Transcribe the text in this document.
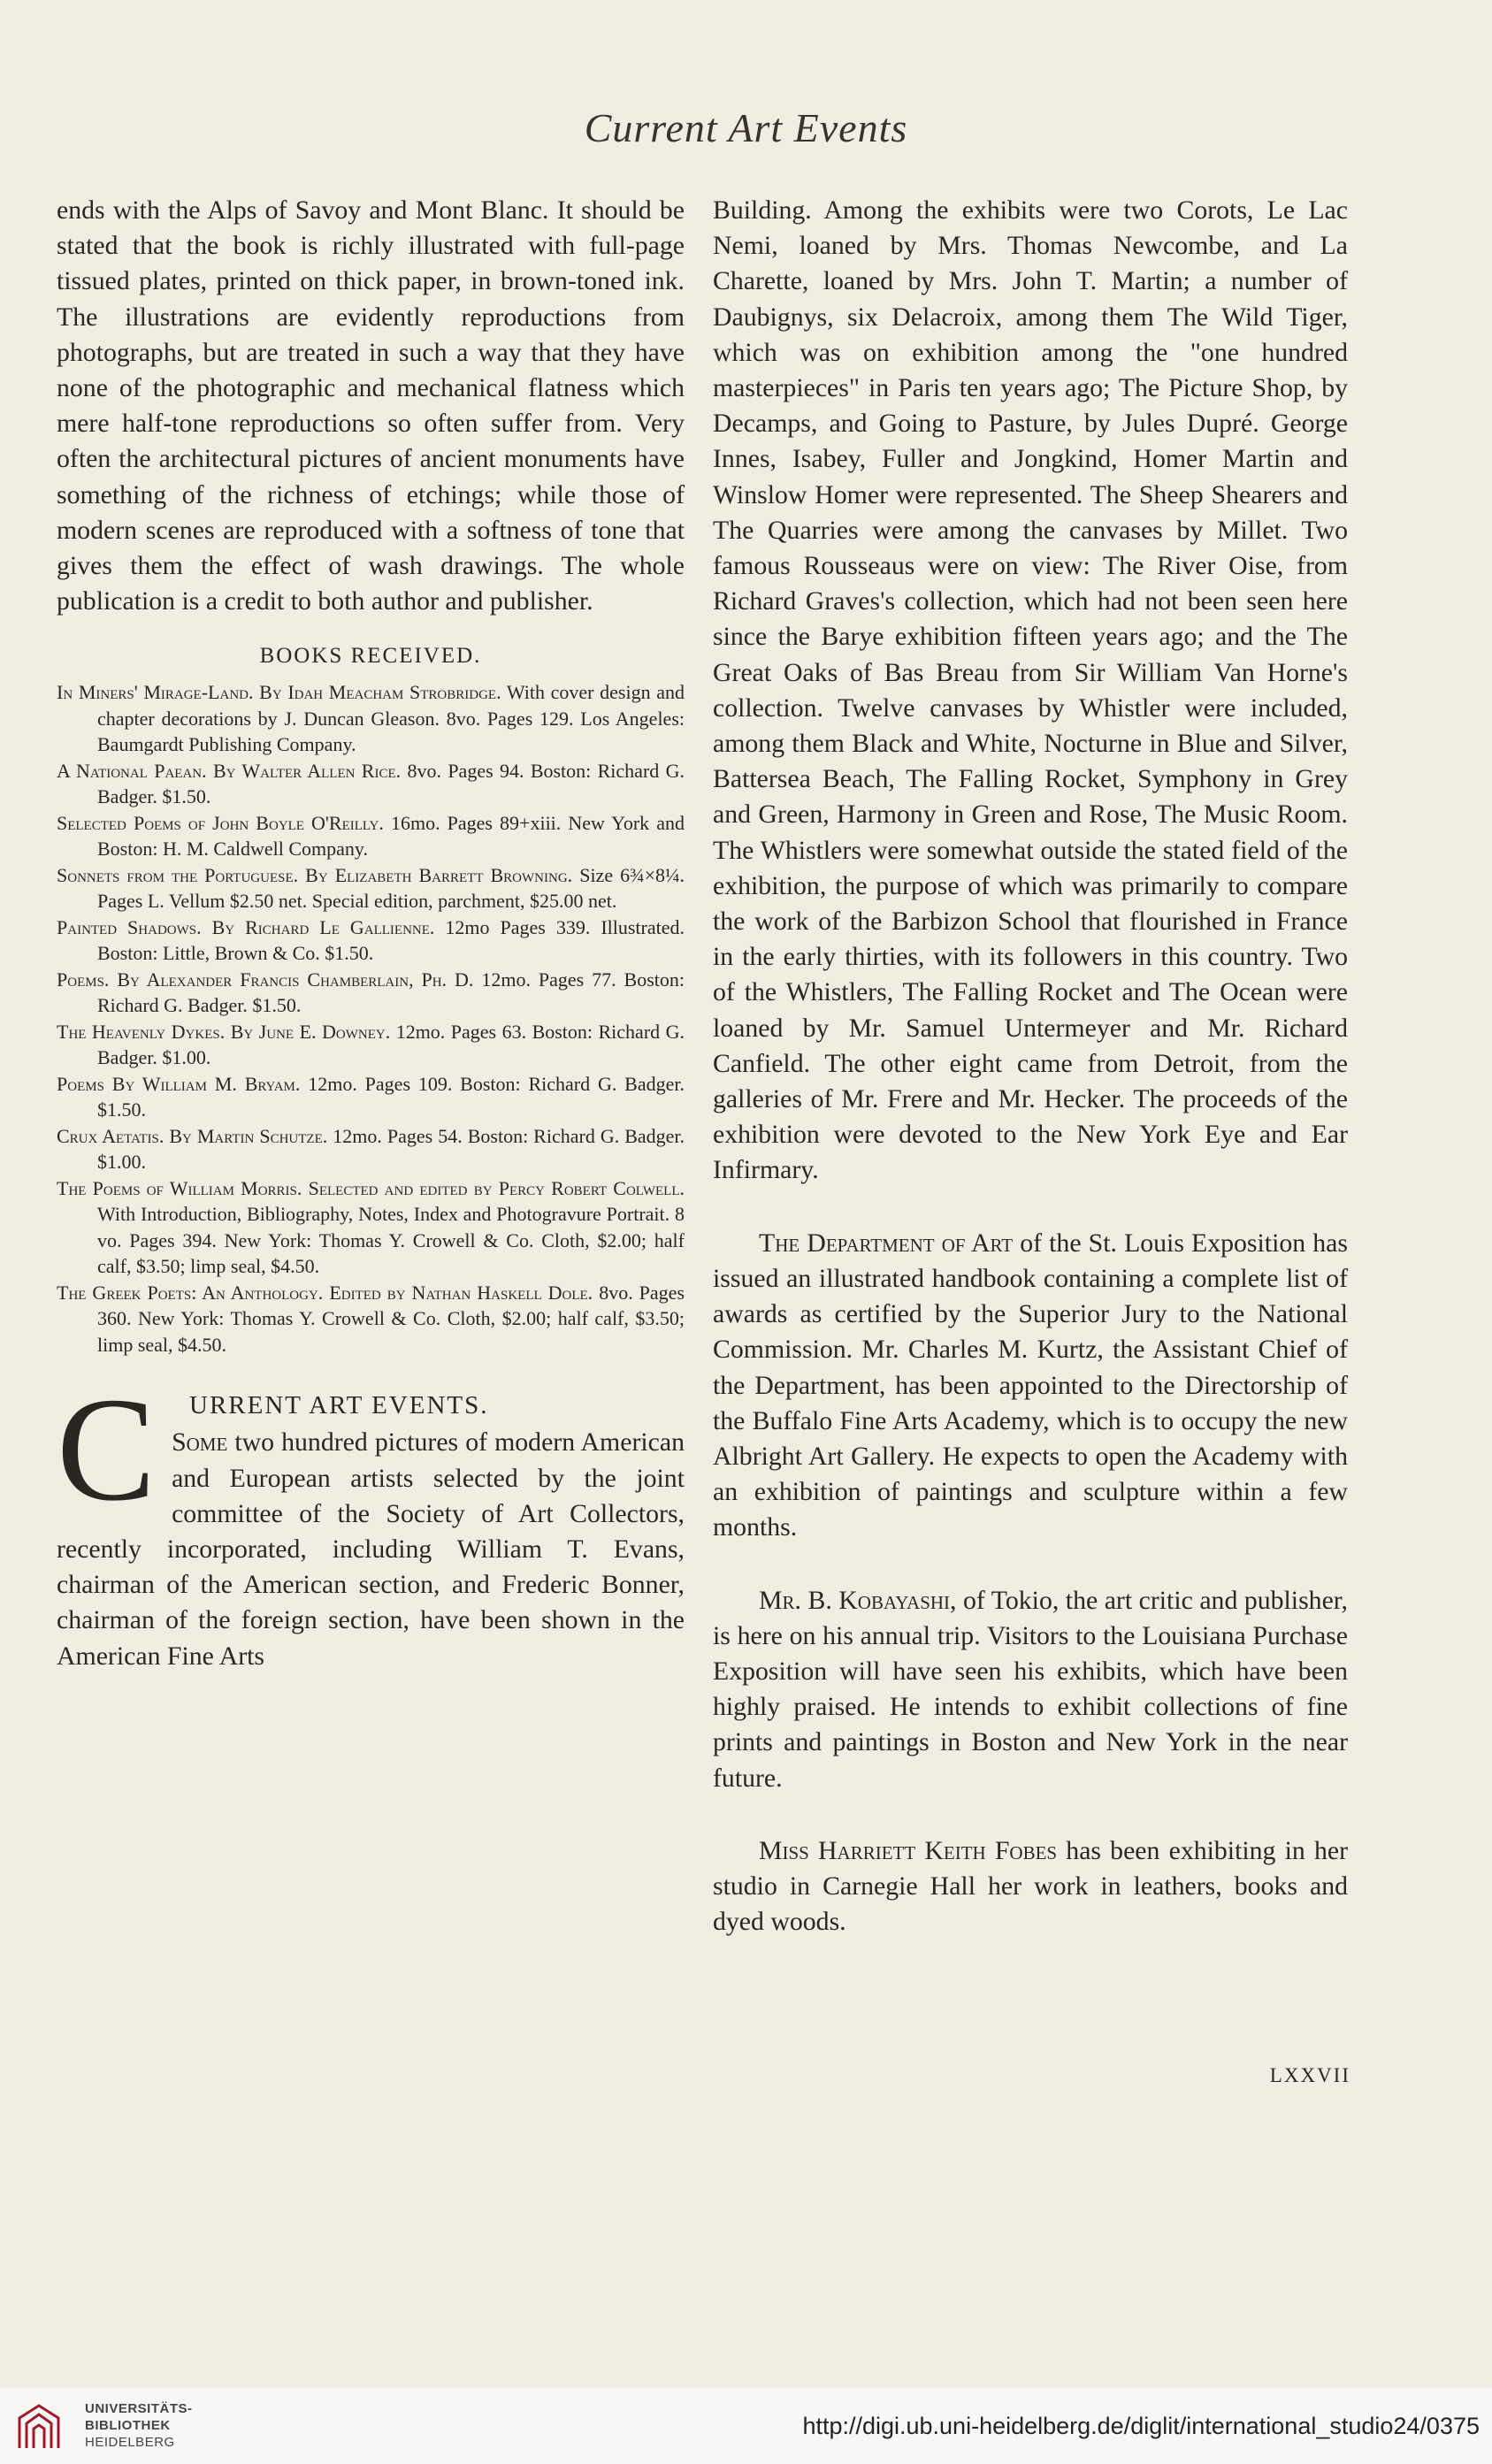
Current Art Events

ends with the Alps of Savoy and Mont Blanc. It should be stated that the book is richly illustrated with full-page tissued plates, printed on thick paper, in brown-toned ink. The illustrations are evidently reproductions from photographs, but are treated in such a way that they have none of the photographic and mechanical flatness which mere half-tone reproductions so often suffer from. Very often the architectural pictures of ancient monuments have something of the richness of etchings; while those of modern scenes are reproduced with a softness of tone that gives them the effect of wash drawings. The whole publication is a credit to both author and publisher.

BOOKS RECEIVED.

In Miners' Mirage-Land. By Idah Meacham Strobridge. With cover design and chapter decorations by J. Duncan Gleason. 8vo. Pages 129. Los Angeles: Baumgardt Publishing Company.

A National Paean. By Walter Allen Rice. 8vo. Pages 94. Boston: Richard G. Badger. $1.50.

Selected Poems of John Boyle O'Reilly. 16mo. Pages 89+xiii. New York and Boston: H. M. Caldwell Company.

Sonnets from the Portuguese. By Elizabeth Barrett Browning. Size 6¾×8¼. Pages L. Vellum $2.50 net. Special edition, parchment, $25.00 net.

Painted Shadows. By Richard Le Gallienne. 12mo Pages 339. Illustrated. Boston: Little, Brown & Co. $1.50.

Poems. By Alexander Francis Chamberlain, Ph. D. 12mo. Pages 77. Boston: Richard G. Badger. $1.50.

The Heavenly Dykes. By June E. Downey. 12mo. Pages 63. Boston: Richard G. Badger. $1.00.

Poems By William M. Bryam. 12mo. Pages 109. Boston: Richard G. Badger. $1.50.

Crux Aetatis. By Martin Schutze. 12mo. Pages 54. Boston: Richard G. Badger. $1.00.

The Poems of William Morris. Selected and edited by Percy Robert Colwell. With Introduction, Bibliography, Notes, Index and Photogravure Portrait. 8 vo. Pages 394. New York: Thomas Y. Crowell & Co. Cloth, $2.00; half calf, $3.50; limp seal, $4.50.

The Greek Poets: An Anthology. Edited by Nathan Haskell Dole. 8vo. Pages 360. New York: Thomas Y. Crowell & Co. Cloth, $2.00; half calf, $3.50; limp seal, $4.50.

URRENT ART EVENTS.
C Some two hundred pictures of modern American and European artists selected by the joint committee of the Society of Art Collectors, recently incorporated, including William T. Evans, chairman of the American section, and Frederic Bonner, chairman of the foreign section, have been shown in the American Fine Arts

Building. Among the exhibits were two Corots, Le Lac Nemi, loaned by Mrs. Thomas Newcombe, and La Charette, loaned by Mrs. John T. Martin; a number of Daubignys, six Delacroix, among them The Wild Tiger, which was on exhibition among the "one hundred masterpieces" in Paris ten years ago; The Picture Shop, by Decamps, and Going to Pasture, by Jules Dupré. George Innes, Isabey, Fuller and Jongkind, Homer Martin and Winslow Homer were represented. The Sheep Shearers and The Quarries were among the canvases by Millet. Two famous Rousseaus were on view: The River Oise, from Richard Graves's collection, which had not been seen here since the Barye exhibition fifteen years ago; and the The Great Oaks of Bas Breau from Sir William Van Horne's collection. Twelve canvases by Whistler were included, among them Black and White, Nocturne in Blue and Silver, Battersea Beach, The Falling Rocket, Symphony in Grey and Green, Harmony in Green and Rose, The Music Room. The Whistlers were somewhat outside the stated field of the exhibition, the purpose of which was primarily to compare the work of the Barbizon School that flourished in France in the early thirties, with its followers in this country. Two of the Whistlers, The Falling Rocket and The Ocean were loaned by Mr. Samuel Untermeyer and Mr. Richard Canfield. The other eight came from Detroit, from the galleries of Mr. Frere and Mr. Hecker. The proceeds of the exhibition were devoted to the New York Eye and Ear Infirmary.

The Department of Art of the St. Louis Exposition has issued an illustrated handbook containing a complete list of awards as certified by the Superior Jury to the National Commission. Mr. Charles M. Kurtz, the Assistant Chief of the Department, has been appointed to the Directorship of the Buffalo Fine Arts Academy, which is to occupy the new Albright Art Gallery. He expects to open the Academy with an exhibition of paintings and sculpture within a few months.

Mr. B. Kobayashi, of Tokio, the art critic and publisher, is here on his annual trip. Visitors to the Louisiana Purchase Exposition will have seen his exhibits, which have been highly praised. He intends to exhibit collections of fine prints and paintings in Boston and New York in the near future.

Miss Harriett Keith Fobes has been exhibiting in her studio in Carnegie Hall her work in leathers, books and dyed woods.

LXXVII
UNIVERSITÄTS-
BIBLIOTHEK
HEIDELBERG
http://digi.ub.uni-heidelberg.de/diglit/international_studio24/0375
